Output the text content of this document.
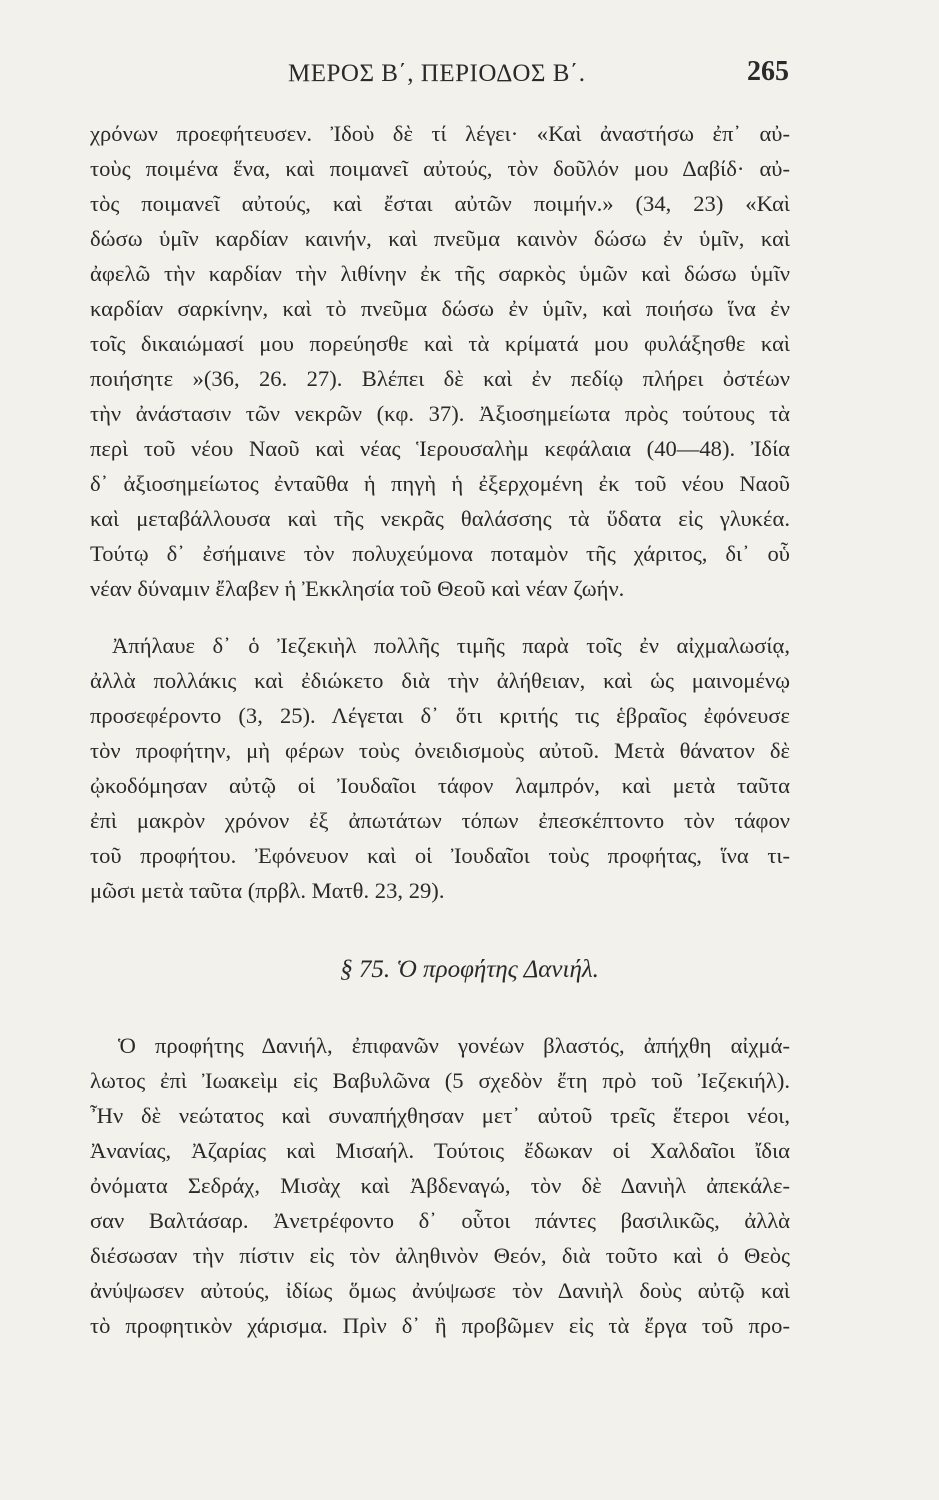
ΜΕΡΟΣ Β΄, ΠΕΡΙΟΔΟΣ Β΄.	265
χρόνων προεφήτευσεν. Ἰδοὺ δὲ τί λέγει· «Καὶ ἀναστήσω ἐπ᾽ αὐ-
τοὺς ποιμένα ἕνα, καὶ ποιμανεῖ αὐτούς, τὸν δοῦλόν μου Δαβίδ· αὐ-
τὸς ποιμανεῖ αὐτούς, καὶ ἔσται αὐτῶν ποιμήν.» (34, 23) «Καὶ
δώσω ὑμῖν καρδίαν καινήν, καὶ πνεῦμα καινὸν δώσω ἐν ὑμῖν, καὶ
ἀφελῶ τὴν καρδίαν τὴν λιθίνην ἐκ τῆς σαρκὸς ὑμῶν καὶ δώσω ὑμῖν
καρδίαν σαρκίνην, καὶ τὸ πνεῦμα δώσω ἐν ὑμῖν, καὶ ποιήσω ἵνα ἐν
τοῖς δικαιώμασί μου πορεύησθε καὶ τὰ κρίματά μου φυλάξησθε καὶ
ποιήσητε »(36, 26. 27). Βλέπει δὲ καὶ ἐν πεδίῳ πλήρει ὀστέων
τὴν ἀνάστασιν τῶν νεκρῶν (κφ. 37). Ἀξιοσημείωτα πρὸς τούτους τὰ
περὶ τοῦ νέου Ναοῦ καὶ νέας Ἱερουσαλὴμ κεφάλαια (40—48). Ἰδία
δ᾽ ἀξιοσημείωτος ἐνταῦθα ἡ πηγὴ ἡ ἐξερχομένη ἐκ τοῦ νέου Ναοῦ
καὶ μεταβάλλουσα καὶ τῆς νεκρᾶς θαλάσσης τὰ ὕδατα εἰς γλυκέα.
Τούτῳ δ᾽ ἐσήμαινε τὸν πολυχεύμονα ποταμὸν τῆς χάριτος, δι᾽ οὗ
νέαν δύναμιν ἔλαβεν ἡ Ἐκκλησία τοῦ Θεοῦ καὶ νέαν ζωήν.
Ἀπήλαυε δ᾽ ὁ Ἰεζεκιὴλ πολλῆς τιμῆς παρὰ τοῖς ἐν αἰχμαλωσίᾳ,
ἀλλὰ πολλάκις καὶ ἐδιώκετο διὰ τὴν ἀλήθειαν, καὶ ὡς μαινομένῳ
προσεφέροντο (3, 25). Λέγεται δ᾽ ὅτι κριτής τις ἑβραῖος ἐφόνευσε
τὸν προφήτην, μὴ φέρων τοὺς ὀνειδισμοὺς αὐτοῦ. Μετὰ θάνατον δὲ
ᾠκοδόμησαν αὐτῷ οἱ Ἰουδαῖοι τάφον λαμπρόν, καὶ μετὰ ταῦτα
ἐπὶ μακρὸν χρόνον ἐξ ἀπωτάτων τόπων ἐπεσκέπτοντο τὸν τάφον
τοῦ προφήτου. Ἐφόνευον καὶ οἱ Ἰουδαῖοι τοὺς προφήτας, ἵνα τι-
μῶσι μετὰ ταῦτα (πρβλ. Ματθ. 23, 29).
§ 75. Ὁ προφήτης Δανιήλ.
Ὁ προφήτης Δανιήλ, ἐπιφανῶν γονέων βλαστός, ἀπήχθη αἰχμά-
λωτος ἐπὶ Ἰωακεὶμ εἰς Βαβυλῶνα (5 σχεδὸν ἔτη πρὸ τοῦ Ἰεζεκιήλ).
Ἦν δὲ νεώτατος καὶ συναπήχθησαν μετ᾽ αὐτοῦ τρεῖς ἕτεροι νέοι,
Ἀνανίας, Ἀζαρίας καὶ Μισαήλ. Τούτοις ἔδωκαν οἱ Χαλδαῖοι ἴδια
ὀνόματα Σεδράχ, Μισὰχ καὶ Ἀβδεναγώ, τὸν δὲ Δανιὴλ ἀπεκάλε-
σαν Βαλτάσαρ. Ἀνετρέφοντο δ᾽ οὗτοι πάντες βασιλικῶς, ἀλλὰ
διέσωσαν τὴν πίστιν εἰς τὸν ἀληθινὸν Θεόν, διὰ τοῦτο καὶ ὁ Θεὸς
ἀνύψωσεν αὐτούς, ἰδίως ὅμως ἀνύψωσε τὸν Δανιὴλ δοὺς αὐτῷ καὶ
τὸ προφητικὸν χάρισμα. Πρὶν δ᾽ ἢ προβῶμεν εἰς τὰ ἔργα τοῦ προ-
